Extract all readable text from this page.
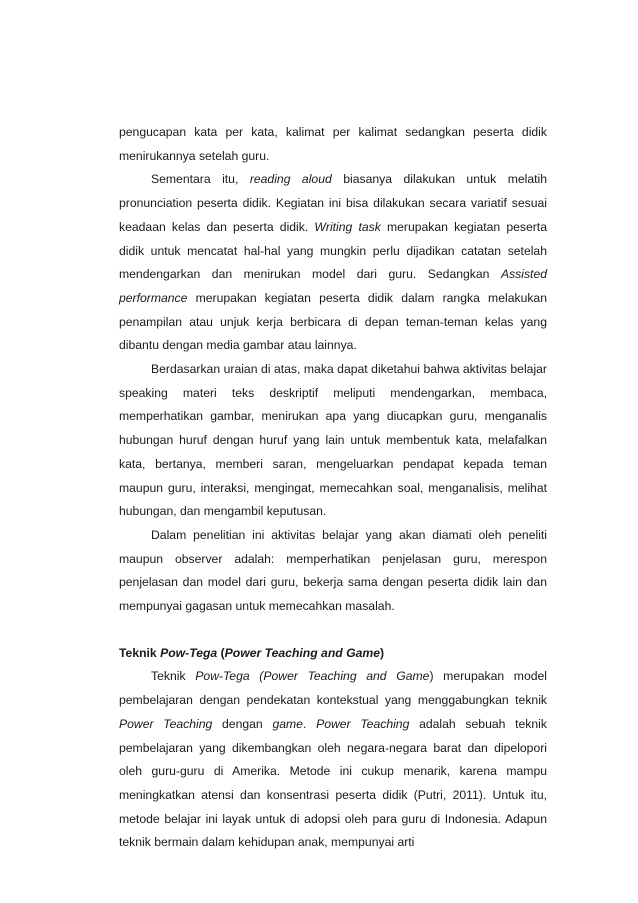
pengucapan kata per kata, kalimat per kalimat sedangkan peserta didik menirukannya setelah guru.

Sementara itu, reading aloud biasanya dilakukan untuk melatih pronunciation peserta didik. Kegiatan ini bisa dilakukan secara variatif sesuai keadaan kelas dan peserta didik. Writing task merupakan kegiatan peserta didik untuk mencatat hal-hal yang mungkin perlu dijadikan catatan setelah mendengarkan dan menirukan model dari guru. Sedangkan Assisted performance merupakan kegiatan peserta didik dalam rangka melakukan penampilan atau unjuk kerja berbicara di depan teman-teman kelas yang dibantu dengan media gambar atau lainnya.

Berdasarkan uraian di atas, maka dapat diketahui bahwa aktivitas belajar speaking materi teks deskriptif meliputi mendengarkan, membaca, memperhatikan gambar, menirukan apa yang diucapkan guru, menganalis hubungan huruf dengan huruf yang lain untuk membentuk kata, melafalkan kata, bertanya, memberi saran, mengeluarkan pendapat kepada teman maupun guru, interaksi, mengingat, memecahkan soal, menganalisis, melihat hubungan, dan mengambil keputusan.

Dalam penelitian ini aktivitas belajar yang akan diamati oleh peneliti maupun observer adalah: memperhatikan penjelasan guru, merespon penjelasan dan model dari guru, bekerja sama dengan peserta didik lain dan mempunyai gagasan untuk memecahkan masalah.

Teknik Pow-Tega (Power Teaching and Game)

Teknik Pow-Tega (Power Teaching and Game) merupakan model pembelajaran dengan pendekatan kontekstual yang menggabungkan teknik Power Teaching dengan game. Power Teaching adalah sebuah teknik pembelajaran yang dikembangkan oleh negara-negara barat dan dipelopori oleh guru-guru di Amerika. Metode ini cukup menarik, karena mampu meningkatkan atensi dan konsentrasi peserta didik (Putri, 2011). Untuk itu, metode belajar ini layak untuk di adopsi oleh para guru di Indonesia. Adapun teknik bermain dalam kehidupan anak, mempunyai arti
